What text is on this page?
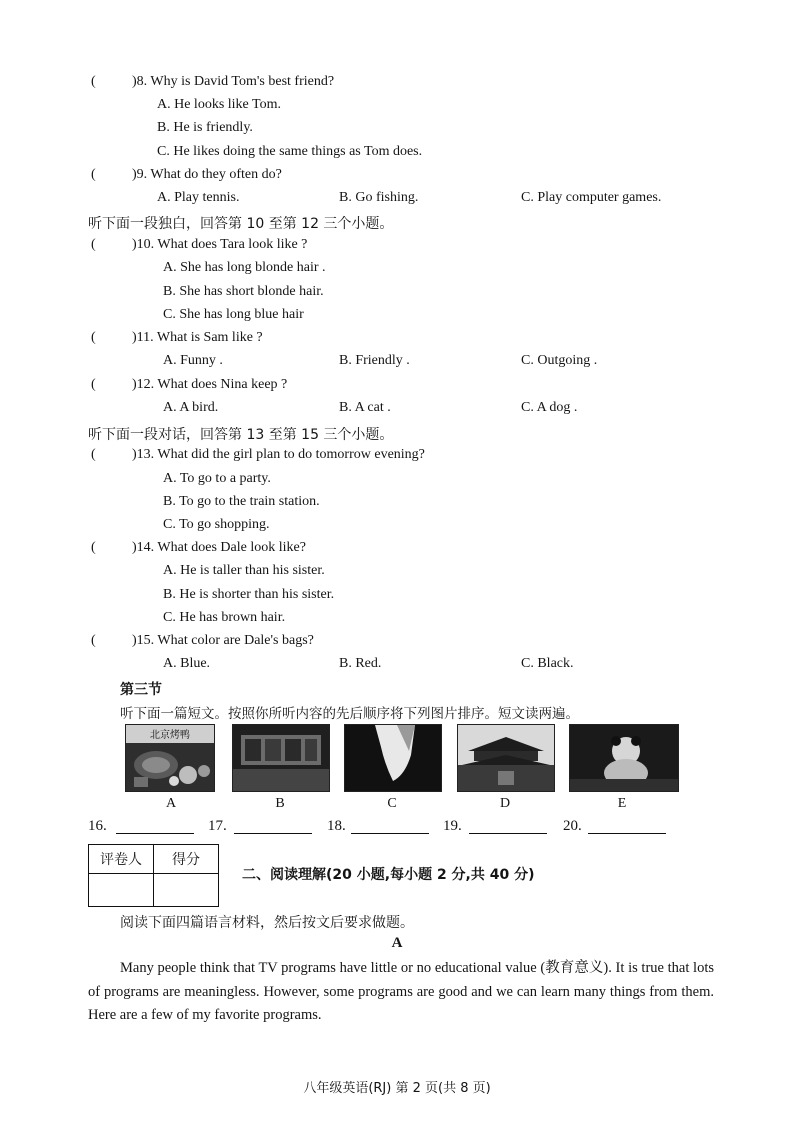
(	)8. Why is David Tom's best friend?
A. He looks like Tom.
B. He is friendly.
C. He likes doing the same things as Tom does.
(	)9. What do they often do?
A. Play tennis.	B. Go fishing.	C. Play computer games.
听下面一段独白，回答第 10 至第 12 三个小题。
(	)10. What does Tara look like ?
A. She has long blonde hair .
B. She has short blonde hair.
C. She has long blue hair
(	)11. What is Sam like ?
A. Funny .	B. Friendly .	C. Outgoing .
(	)12. What does Nina keep ?
A. A bird.	B. A cat .	C. A dog .
听下面一段对话，回答第 13 至第 15 三个小题。
(	)13. What did the girl plan to do tomorrow evening?
A. To go to a party.
B. To go to the train station.
C. To go shopping.
(	)14. What does Dale look like?
A. He is taller than his sister.
B. He is shorter than his sister.
C. He has brown hair.
(	)15. What color are Dale's bags?
A. Blue.	B. Red.	C. Black.
第三节
听下面一篇短文。按照你所听内容的先后顺序将下列图片排序。短文读两遍。
北京烤鸭
A	B	C	D	E
16.	17.	18.	19.	20.
评卷人	得分

二、阅读理解(20 小题,每小题 2 分,共 40 分)
阅读下面四篇语言材料，然后按文后要求做题。
A
Many people think that TV programs have little or no educational value (教育意义). It is true that lots of programs are meaningless. However, some programs are good and we can learn many things from them. Here are a few of my favorite programs.
八年级英语(RJ) 第 2 页(共 8 页)
